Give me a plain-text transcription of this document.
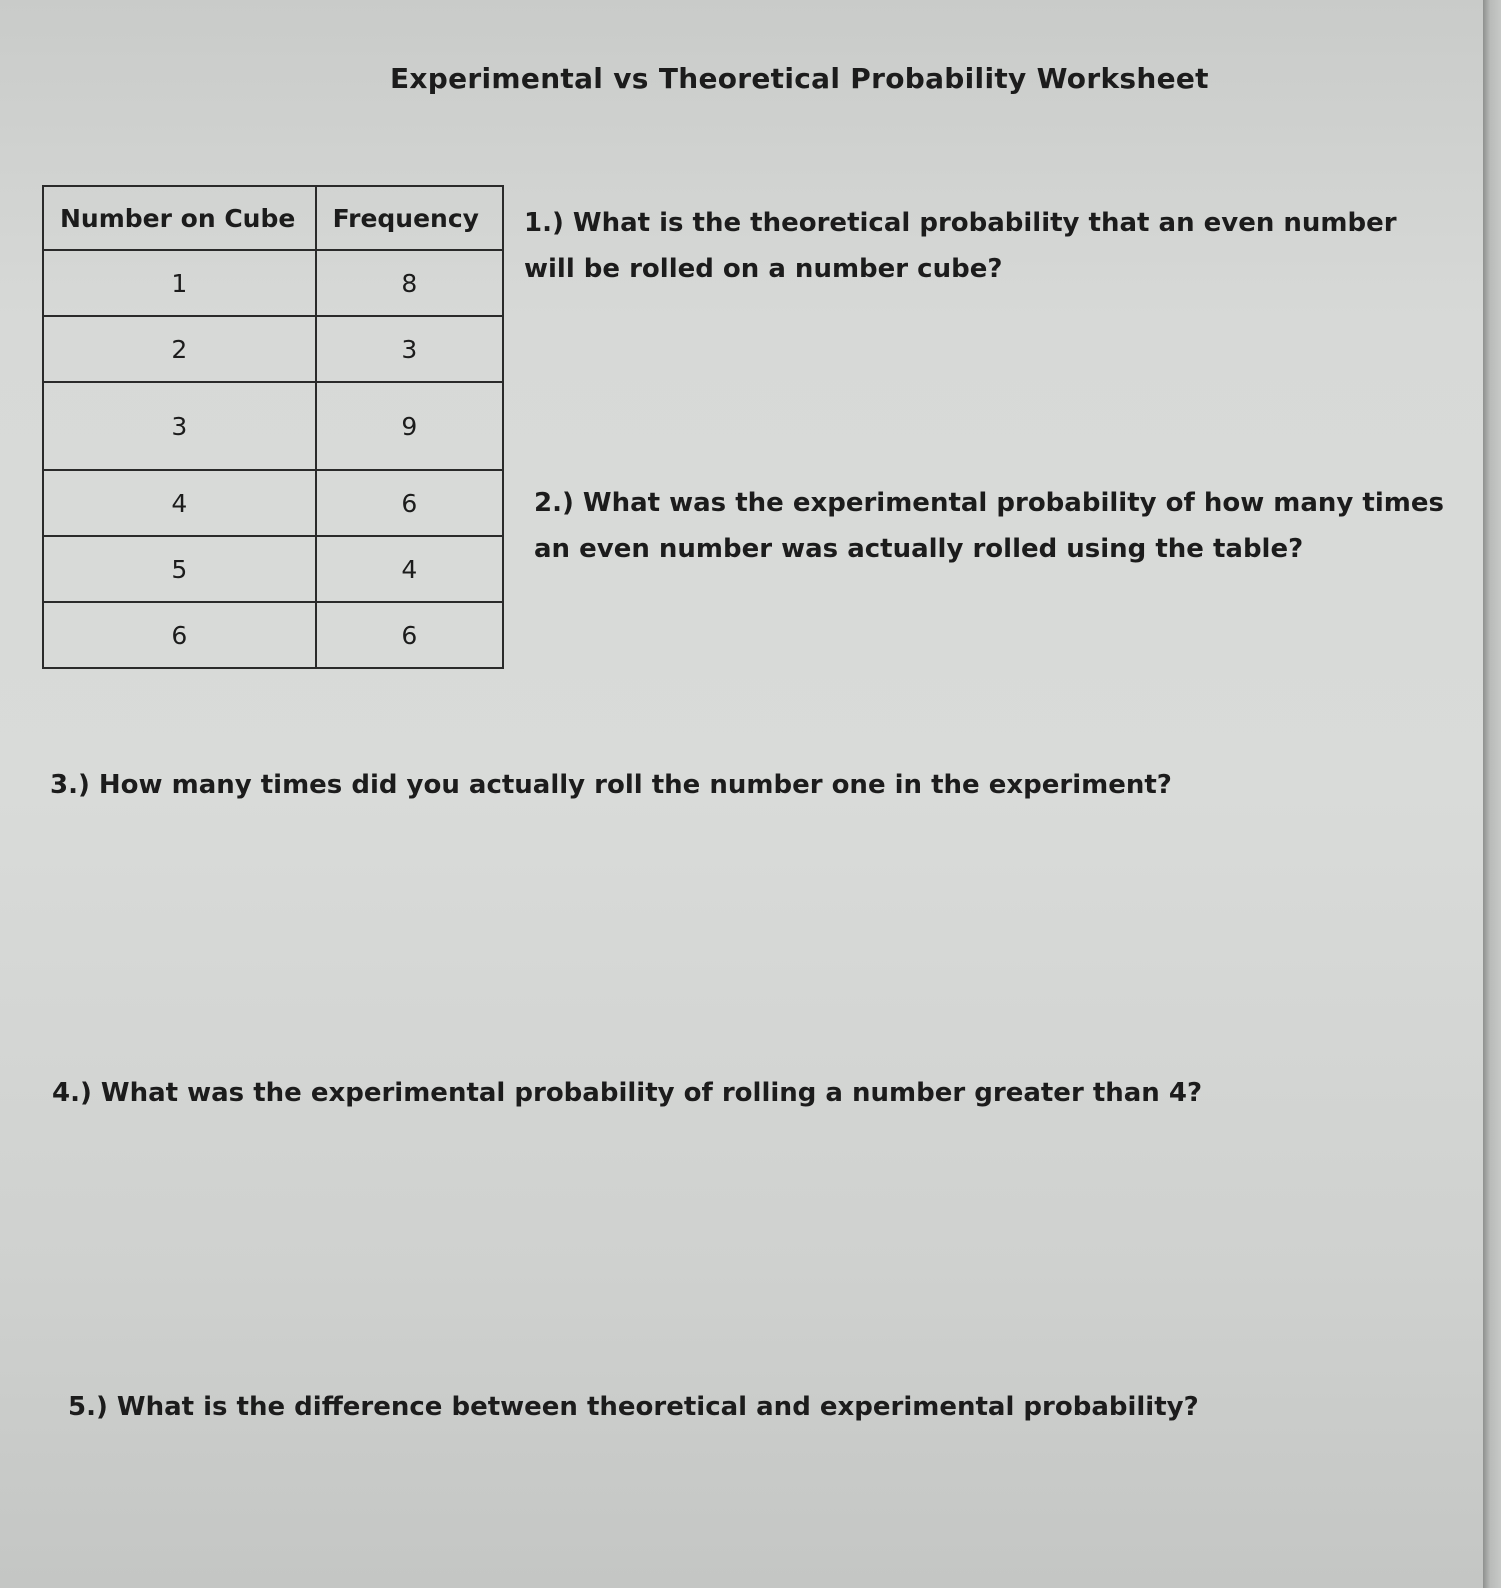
Experimental vs Theoretical Probability Worksheet
Number on Cube	Frequency
1	8
2	3
3	9
4	6
5	4
6	6
1.) What is the theoretical probability that an even number
will be rolled on a number cube?
2.) What was the experimental probability of how many times
an even number was actually rolled using the table?
3.) How many times did you actually roll the number one in the experiment?
4.) What was the experimental probability of rolling a number greater than 4?
5.) What is the difference between theoretical and experimental probability?
